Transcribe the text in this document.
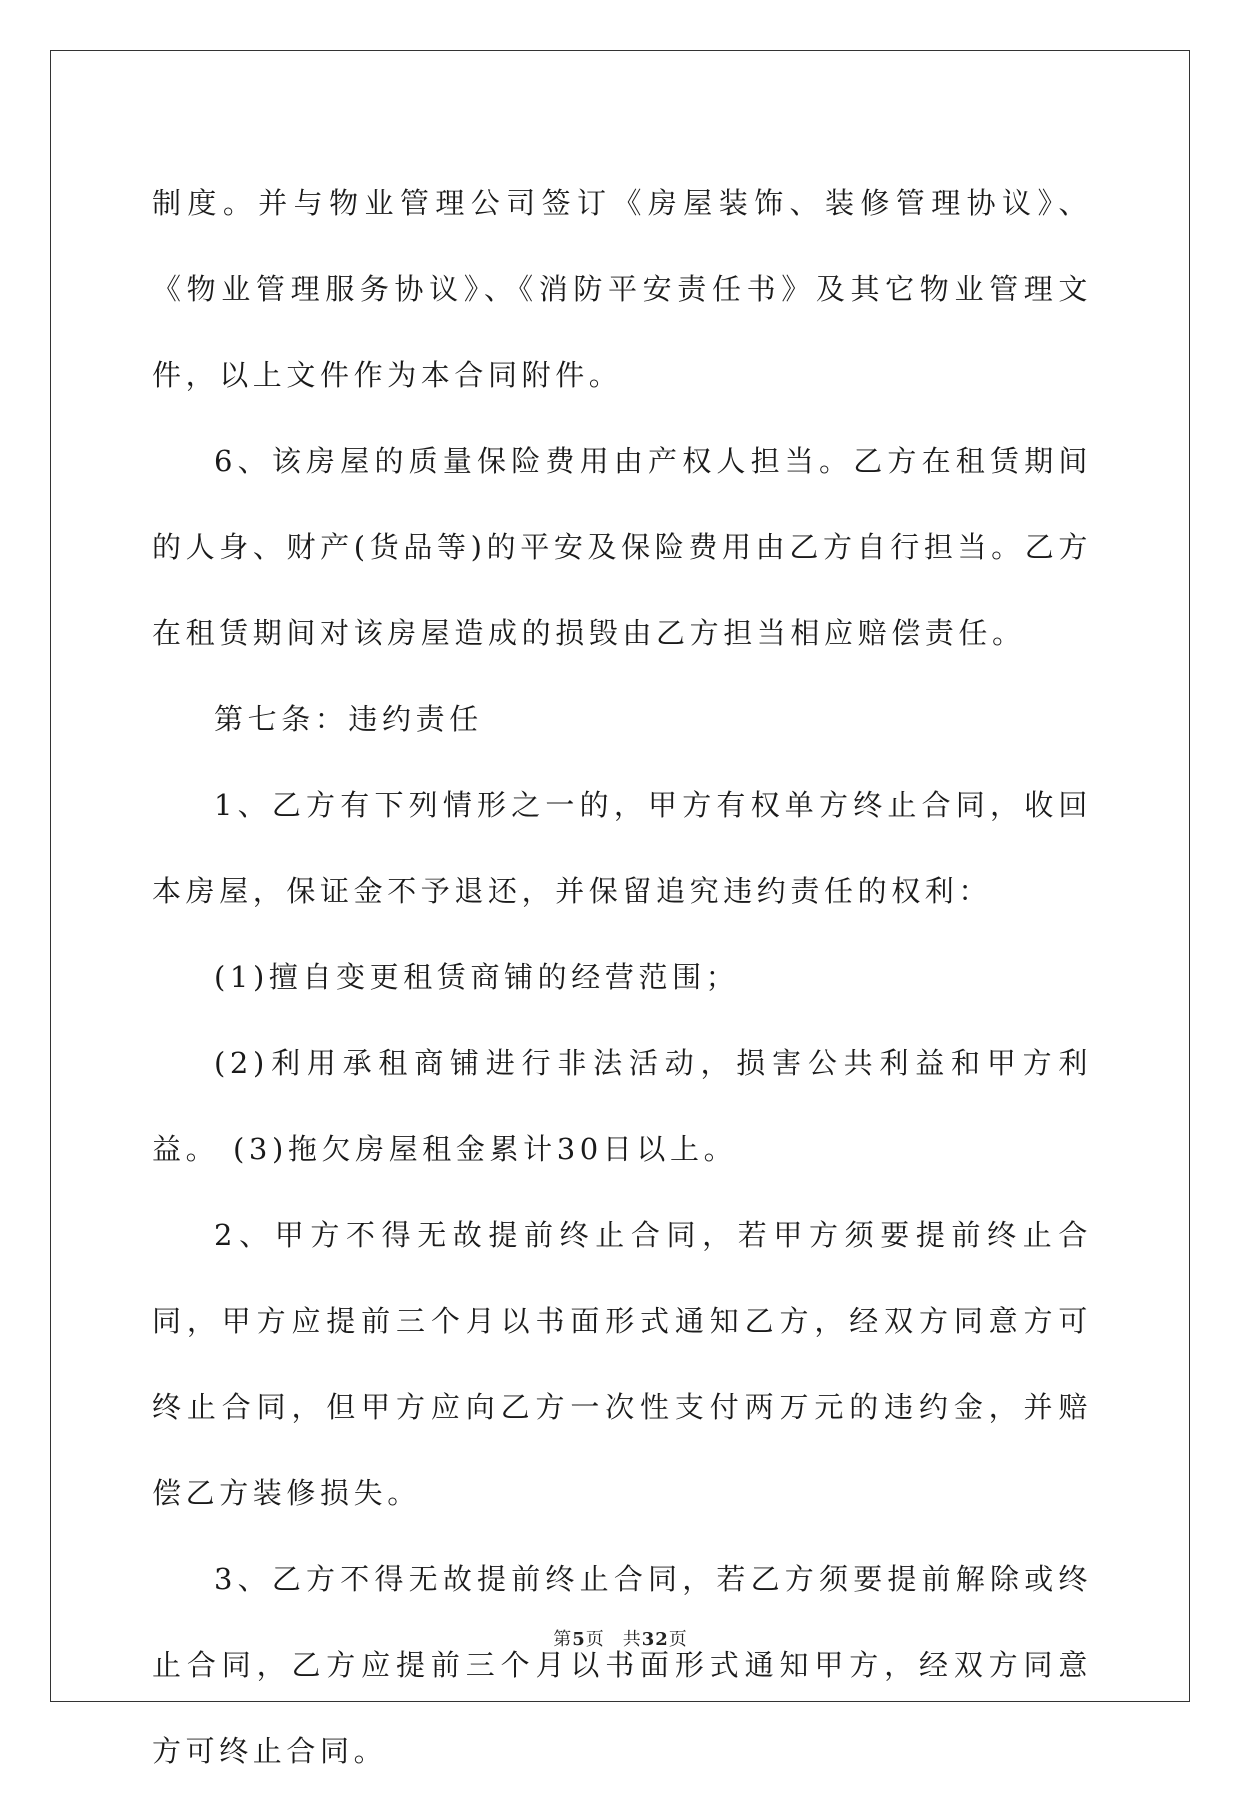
制度。并与物业管理公司签订《房屋装饰、装修管理协议》、《物业管理服务协议》、《消防平安责任书》及其它物业管理文件，以上文件作为本合同附件。

6、该房屋的质量保险费用由产权人担当。乙方在租赁期间的人身、财产(货品等)的平安及保险费用由乙方自行担当。乙方在租赁期间对该房屋造成的损毁由乙方担当相应赔偿责任。

第七条：违约责任

1、乙方有下列情形之一的，甲方有权单方终止合同，收回本房屋，保证金不予退还，并保留追究违约责任的权利：

(1)擅自变更租赁商铺的经营范围；

(2)利用承租商铺进行非法活动，损害公共利益和甲方利益。 (3)拖欠房屋租金累计30日以上。

2、甲方不得无故提前终止合同，若甲方须要提前终止合同，甲方应提前三个月以书面形式通知乙方，经双方同意方可终止合同，但甲方应向乙方一次性支付两万元的违约金，并赔偿乙方装修损失。

3、乙方不得无故提前终止合同，若乙方须要提前解除或终止合同，乙方应提前三个月以书面形式通知甲方，经双方同意方可终止合同。

第5页 共32页
